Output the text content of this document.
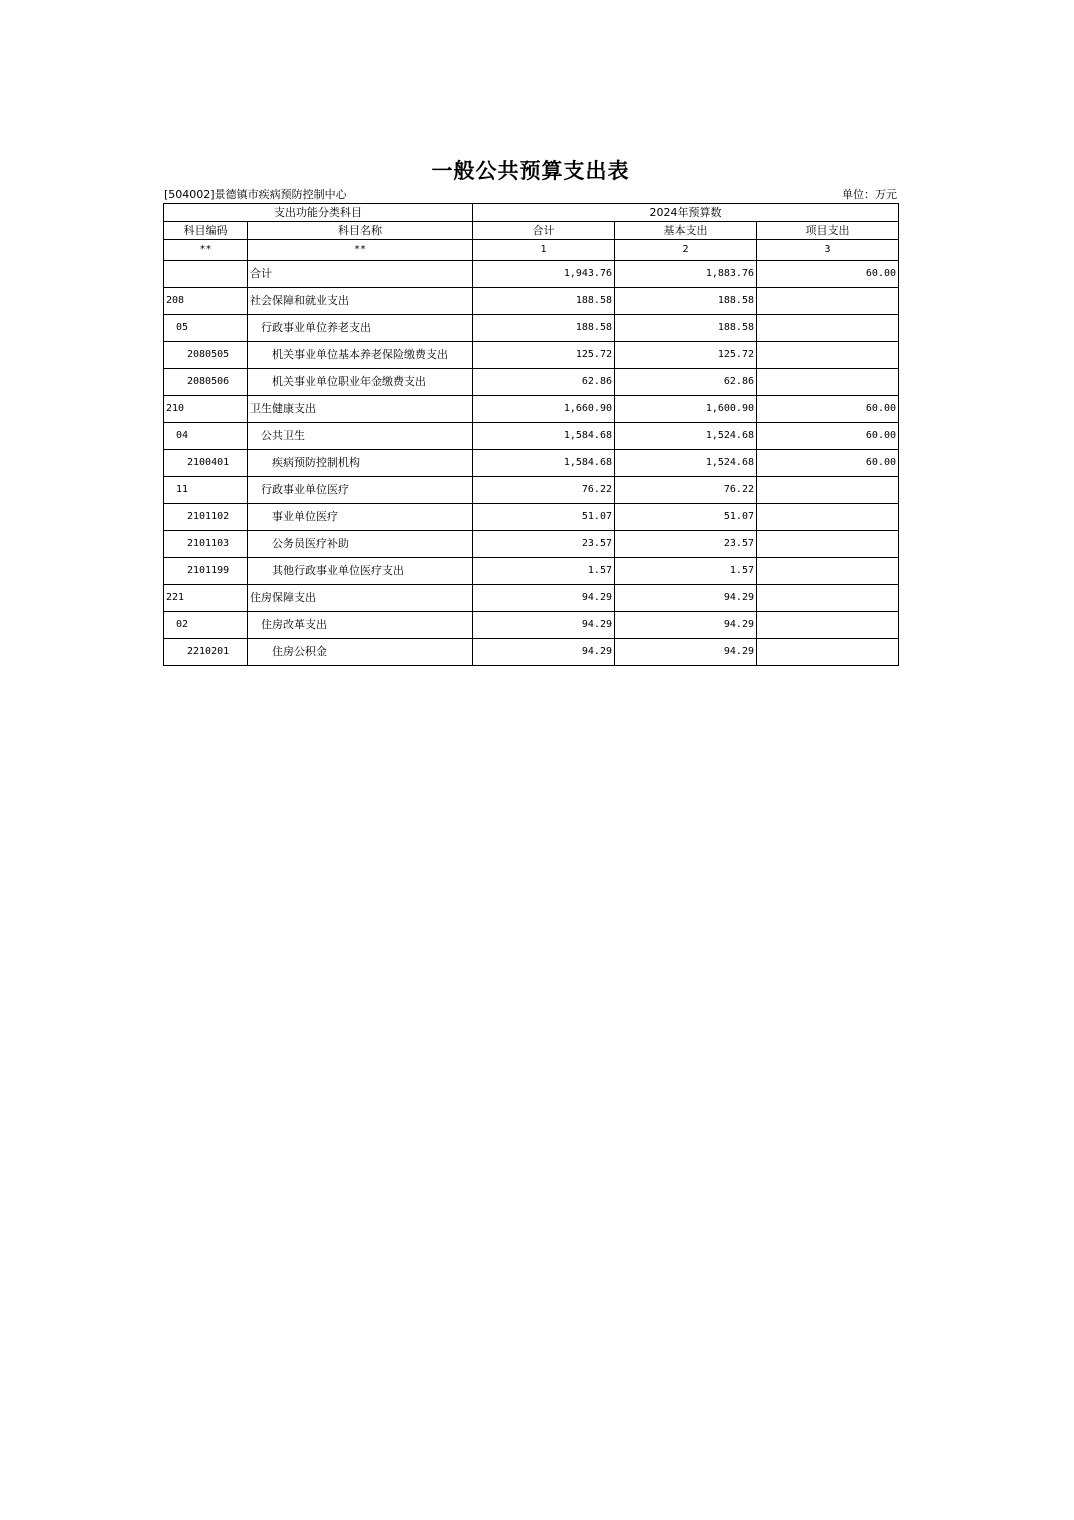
一般公共预算支出表
[504002]景德镇市疾病预防控制中心	单位：万元
支出功能分类科目		2024年预算数		
科目编码	科目名称	合计	基本支出	项目支出
**	**	1	2	3
	合计	1,943.76	1,883.76	60.00
208	社会保障和就业支出	188.58	188.58	
05	行政事业单位养老支出	188.58	188.58	
2080505	机关事业单位基本养老保险缴费支出	125.72	125.72	
2080506	机关事业单位职业年金缴费支出	62.86	62.86	
210	卫生健康支出	1,660.90	1,600.90	60.00
04	公共卫生	1,584.68	1,524.68	60.00
2100401	疾病预防控制机构	1,584.68	1,524.68	60.00
11	行政事业单位医疗	76.22	76.22	
2101102	事业单位医疗	51.07	51.07	
2101103	公务员医疗补助	23.57	23.57	
2101199	其他行政事业单位医疗支出	1.57	1.57	
221	住房保障支出	94.29	94.29	
02	住房改革支出	94.29	94.29	
2210201	住房公积金	94.29	94.29	
